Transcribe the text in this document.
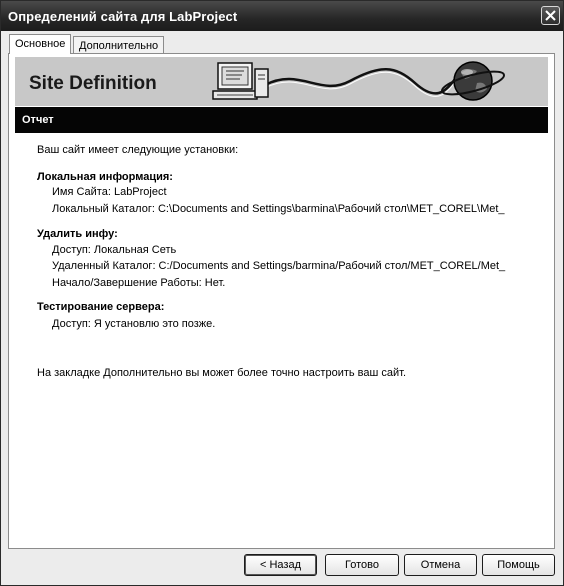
Определений сайта для LabProject
Основное	Дополнительно
Site Definition
Отчет
Ваш сайт имеет следующие установки:
Локальная информация:
Имя Сайта: LabProject
Локальный Каталог: C:\Documents and Settings\barmina\Рабочий стол\MET_COREL\Met_
Удалить инфу:
Доступ: Локальная Сеть
Удаленный Каталог: C:/Documents and Settings/barmina/Рабочий стол/MET_COREL/Met_
Начало/Завершение Работы: Нет.
Тестирование сервера:
Доступ: Я установлю это позже.
На закладке Дополнительно вы может более точно настроить ваш сайт.
< Назад	Готово	Отмена	Помощь
